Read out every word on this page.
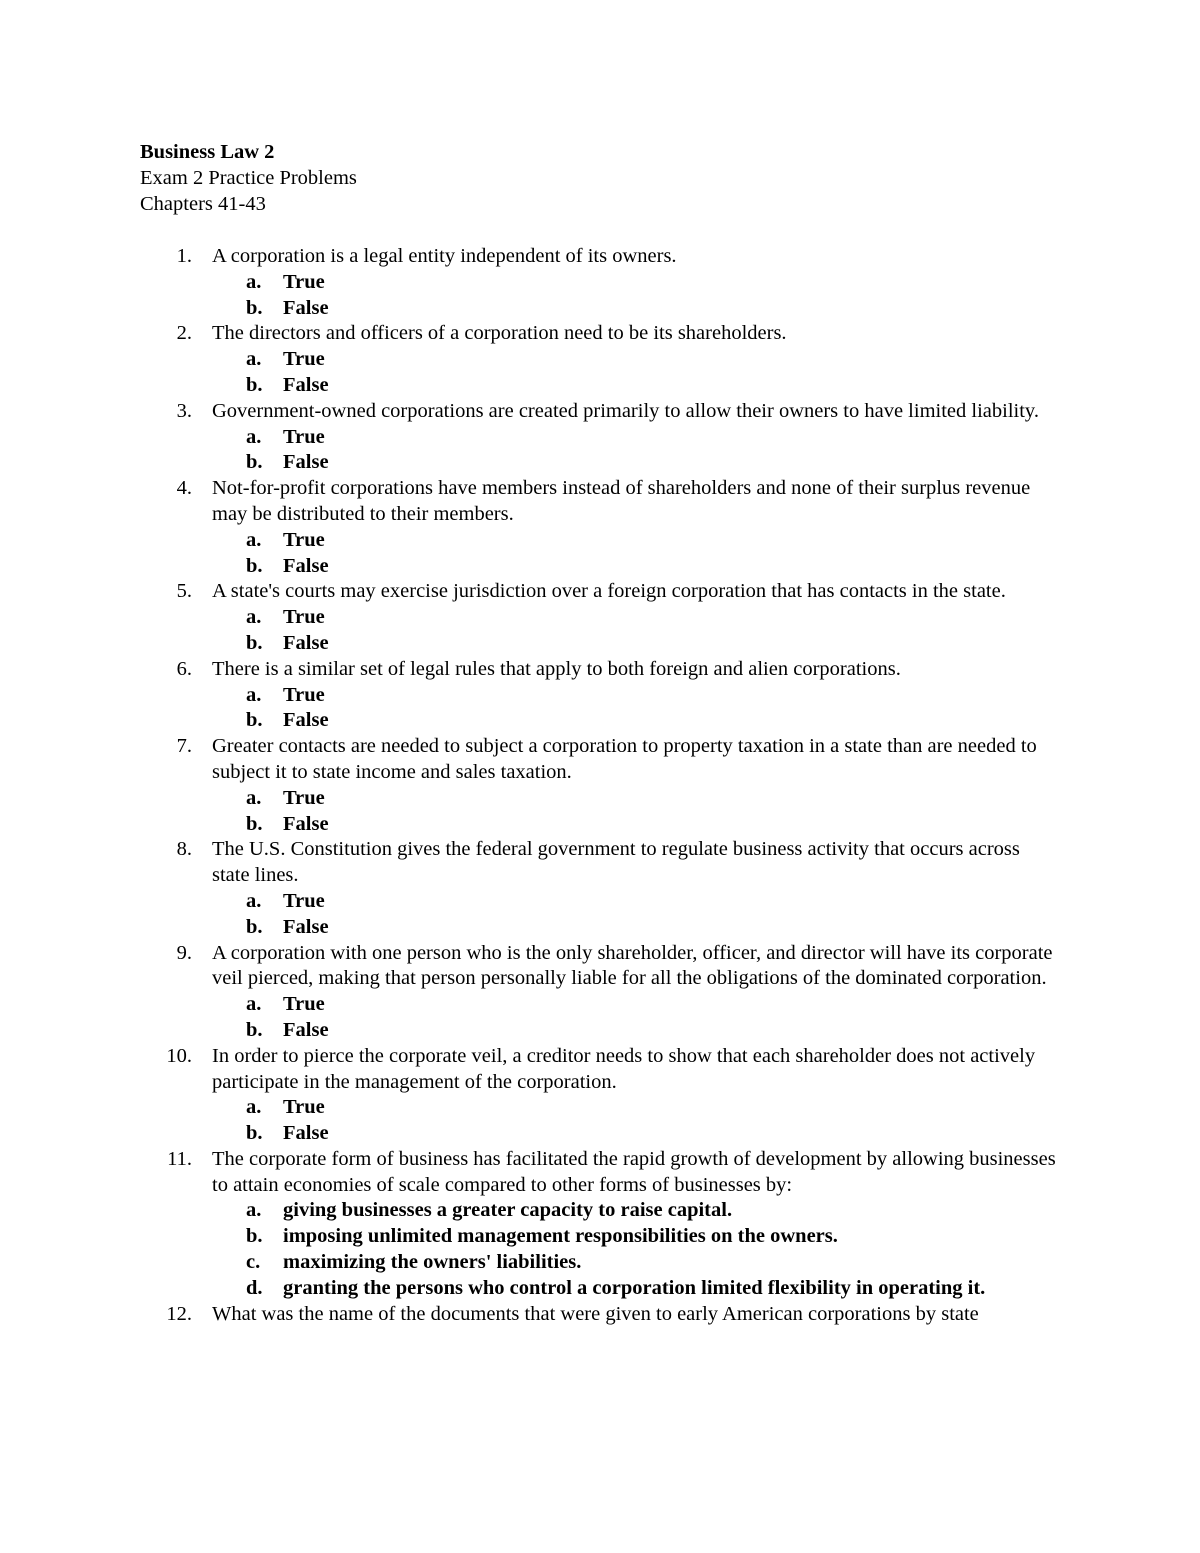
Business Law 2
Exam 2 Practice Problems
Chapters 41-43
1. A corporation is a legal entity independent of its owners.
a.	True
b. False
2. The directors and officers of a corporation need to be its shareholders.
a.	True
b. False
3. Government-owned corporations are created primarily to allow their owners to have limited liability.
a.	True
b. False
4. Not-for-profit corporations have members instead of shareholders and none of their surplus revenue may be distributed to their members.
a.	True
b. False
5. A state's courts may exercise jurisdiction over a foreign corporation that has contacts in the state.
a.	True
b. False
6. There is a similar set of legal rules that apply to both foreign and alien corporations.
a.	True
b. False
7. Greater contacts are needed to subject a corporation to property taxation in a state than are needed to subject it to state income and sales taxation.
a.	True
b. False
8. The U.S. Constitution gives the federal government to regulate business activity that occurs across state lines.
a.	True
b. False
9. A corporation with one person who is the only shareholder, officer, and director will have its corporate veil pierced, making that person personally liable for all the obligations of the dominated corporation.
a.	True
b. False
10. In order to pierce the corporate veil, a creditor needs to show that each shareholder does not actively participate in the management of the corporation.
a.	True
b. False
11. The corporate form of business has facilitated the rapid growth of development by allowing businesses to attain economies of scale compared to other forms of businesses by:
a.	giving businesses a greater capacity to raise capital.
b. imposing unlimited management responsibilities on the owners.
c.	maximizing the owners' liabilities.
d. granting the persons who control a corporation limited flexibility in operating it.
12. What was the name of the documents that were given to early American corporations by state
